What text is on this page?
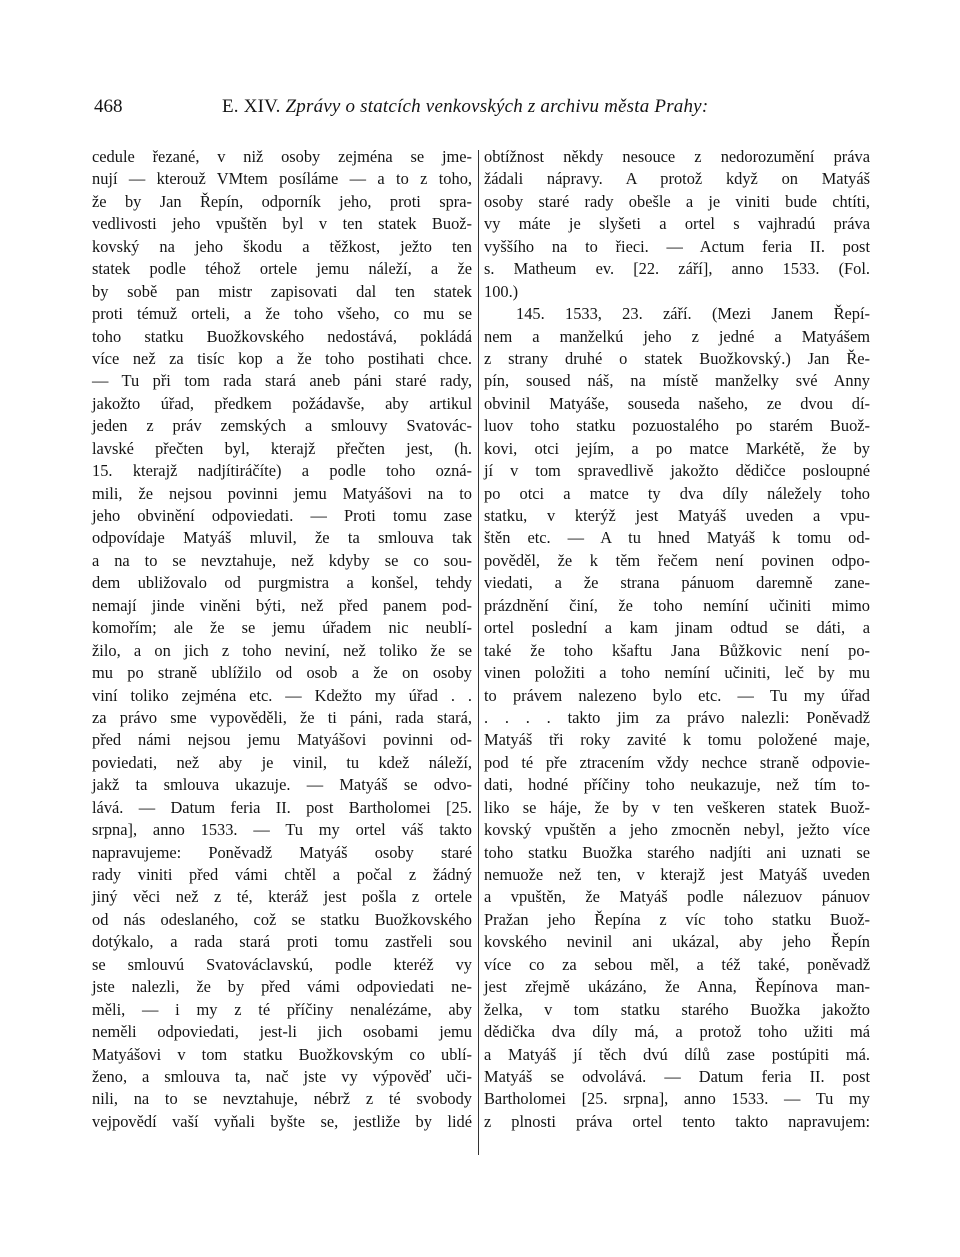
468	E. XIV. Zprávy o statcích venkovských z archivu města Prahy:
cedule řezané, v niž osoby zejména se jme-
nují — kterouž VMtem posíláme — a to z toho,
že by Jan Řepín, odporník jeho, proti spra-
vedlivosti jeho vpuštěn byl v ten statek Buož-
kovský na jeho škodu a těžkost, ježto ten
statek podle téhož ortele jemu náleží, a že
by sobě pan mistr zapisovati dal ten statek
proti témuž orteli, a že toho všeho, co mu se
toho statku Buožkovského nedostává, pokládá
více než za tisíc kop a že toho postihati chce.
— Tu při tom rada stará aneb páni staré rady,
jakožto úřad, předkem požádavše, aby artikul
jeden z práv zemských a smlouvy Svatovác-
lavské přečten byl, kterajž přečten jest, (h.
15. kterajž nadjítiráčíte) a podle toho ozná-
mili, že nejsou povinni jemu Matyášovi na to
jeho obvinění odpoviedati. — Proti tomu zase
odpovídaje Matyáš mluvil, že ta smlouva tak
a na to se nevztahuje, než kdyby se co sou-
dem ubližovalo od purgmistra a konšel, tehdy
nemají jinde viněni býti, než před panem pod-
komořím; ale že se jemu úřadem nic neublí-
žilo, a on jich z toho neviní, než toliko že se
mu po straně ublížilo od osob a že on osoby
viní toliko zejména etc. — Kdežto my úřad . .
za právo sme vypověděli, že ti páni, rada stará,
před námi nejsou jemu Matyášovi povinni od-
poviedati, než aby je vinil, tu kdež náleží,
jakž ta smlouva ukazuje. — Matyáš se odvo-
lává. — Datum feria II. post Bartholomei [25.
srpna], anno 1533. — Tu my ortel váš takto
napravujeme: Poněvadž Matyáš osoby staré
rady viniti před vámi chtěl a počal z žádný
jiný věci než z té, kteráž jest pošla z ortele
od nás odeslaného, což se statku Buožkovského
dotýkalo, a rada stará proti tomu zastřeli sou
se smlouvú Svatováclavskú, podle kteréž vy
jste nalezli, že by před vámi odpoviedati ne-
měli, — i my z té příčiny nenalézáme, aby
neměli odpoviedati, jest-li jich osobami jemu
Matyášovi v tom statku Buožkovským co ublí-
ženo, a smlouva ta, nač jste vy výpověď uči-
nili, na to se nevztahuje, nébrž z té svobody
vejpovědí vaší vyňali byšte se, jestliže by lidé
obtížnost někdy nesouce z nedorozumění práva
žádali nápravy. A protož když on Matyáš
osoby staré rady obešle a je viniti bude chtíti,
vy máte je slyšeti a ortel s vajhradú práva
vyššího na to řieci. — Actum feria II. post
s. Matheum ev. [22. září], anno 1533. (Fol.
100.)
145. 1533, 23. září. (Mezi Janem Řepí-
nem a manželkú jeho z jedné a Matyášem
z strany druhé o statek Buožkovský.) Jan Ře-
pín, soused náš, na místě manželky své Anny
obvinil Matyáše, souseda našeho, ze dvou dí-
luov toho statku pozuostalého po starém Buož-
kovi, otci jejím, a po matce Markétě, že by
jí v tom spravedlivě jakožto dědičce posloupné
po otci a matce ty dva díly náležely toho
statku, v kterýž jest Matyáš uveden a vpu-
štěn etc. — A tu hned Matyáš k tomu od-
pověděl, že k těm řečem není povinen odpo-
viedati, a že strana pánuom daremně zane-
prázdnění činí, že toho nemíní učiniti mimo
ortel poslední a kam jinam odtud se dáti, a
také že toho kšaftu Jana Bůžkovic není po-
vinen položiti a toho nemíní učiniti, leč by mu
to právem nalezeno bylo etc. — Tu my úřad
. . . . takto jim za právo nalezli: Poněvadž
Matyáš tři roky zavité k tomu položené maje,
pod té pře ztracením vždy nechce straně odpovie-
dati, hodné příčiny toho neukazuje, než tím to-
liko se háje, že by v ten veškeren statek Buož-
kovský vpuštěn a jeho zmocněn nebyl, ježto více
toho statku Buožka starého nadjíti ani uznati se
nemuože než ten, v kterajž jest Matyáš uveden
a vpuštěn, že Matyáš podle nálezuov pánuov
Pražan jeho Řepína z víc toho statku Buož-
kovského nevinil ani ukázal, aby jeho Řepín
více co za sebou měl, a též také, poněvadž
jest zřejmě ukázáno, že Anna, Řepínova man-
želka, v tom statku starého Buožka jakožto
dědička dva díly má, a protož toho užiti má
a Matyáš jí těch dvú dílů zase postúpiti má.
Matyáš se odvolává. — Datum feria II. post
Bartholomei [25. srpna], anno 1533. — Tu my
z plnosti práva ortel tento takto napravujem:
